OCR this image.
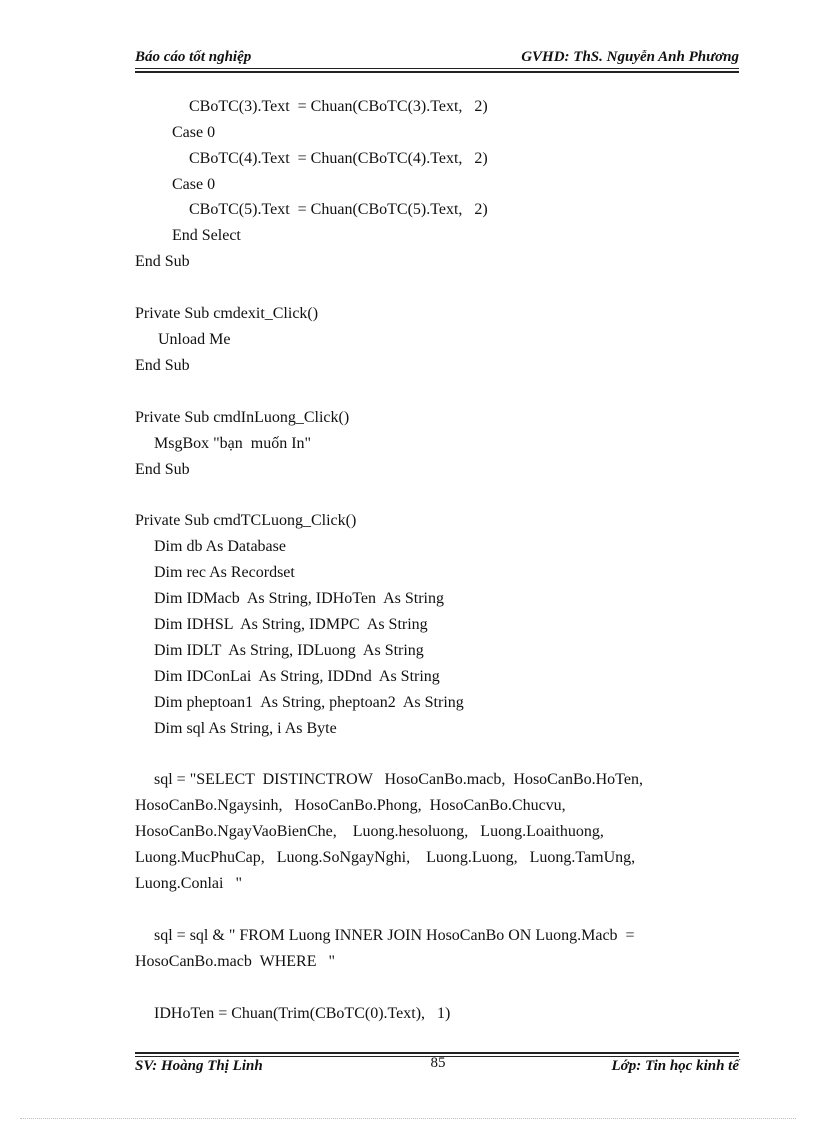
Báo cáo tốt nghiệp	GVHD: ThS. Nguyễn Anh Phương
CBoTC(3).Text  = Chuan(CBoTC(3).Text,   2)
Case 0
CBoTC(4).Text  = Chuan(CBoTC(4).Text,   2)
Case 0
CBoTC(5).Text  = Chuan(CBoTC(5).Text,   2)
End Select
End Sub
Private Sub cmdexit_Click()
Unload Me
End Sub
Private Sub cmdInLuong_Click()
MsgBox "bạn  muốn In"
End Sub
Private Sub cmdTCLuong_Click()
Dim db As Database
Dim rec As Recordset
Dim IDMacb  As String, IDHoTen  As String
Dim IDHSL  As String, IDMPC  As String
Dim IDLT  As String, IDLuong  As String
Dim IDConLai  As String, IDDnd  As String
Dim pheptoan1  As String, pheptoan2  As String
Dim sql As String, i As Byte
sql = "SELECT  DISTINCTROW   HosoCanBo.macb,  HosoCanBo.HoTen,
HosoCanBo.Ngaysinh,   HosoCanBo.Phong,  HosoCanBo.Chucvu,
HosoCanBo.NgayVaoBienChe,    Luong.hesoluong,   Luong.Loaithuong,
Luong.MucPhuCap,   Luong.SoNgayNghi,    Luong.Luong,   Luong.TamUng,
Luong.Conlai   "
sql = sql & " FROM Luong INNER JOIN HosoCanBo ON Luong.Macb  =
HosoCanBo.macb  WHERE   "
IDHoTen = Chuan(Trim(CBoTC(0).Text),   1)
SV: Hoàng Thị Linh	Lớp: Tin học kinh tế
85
